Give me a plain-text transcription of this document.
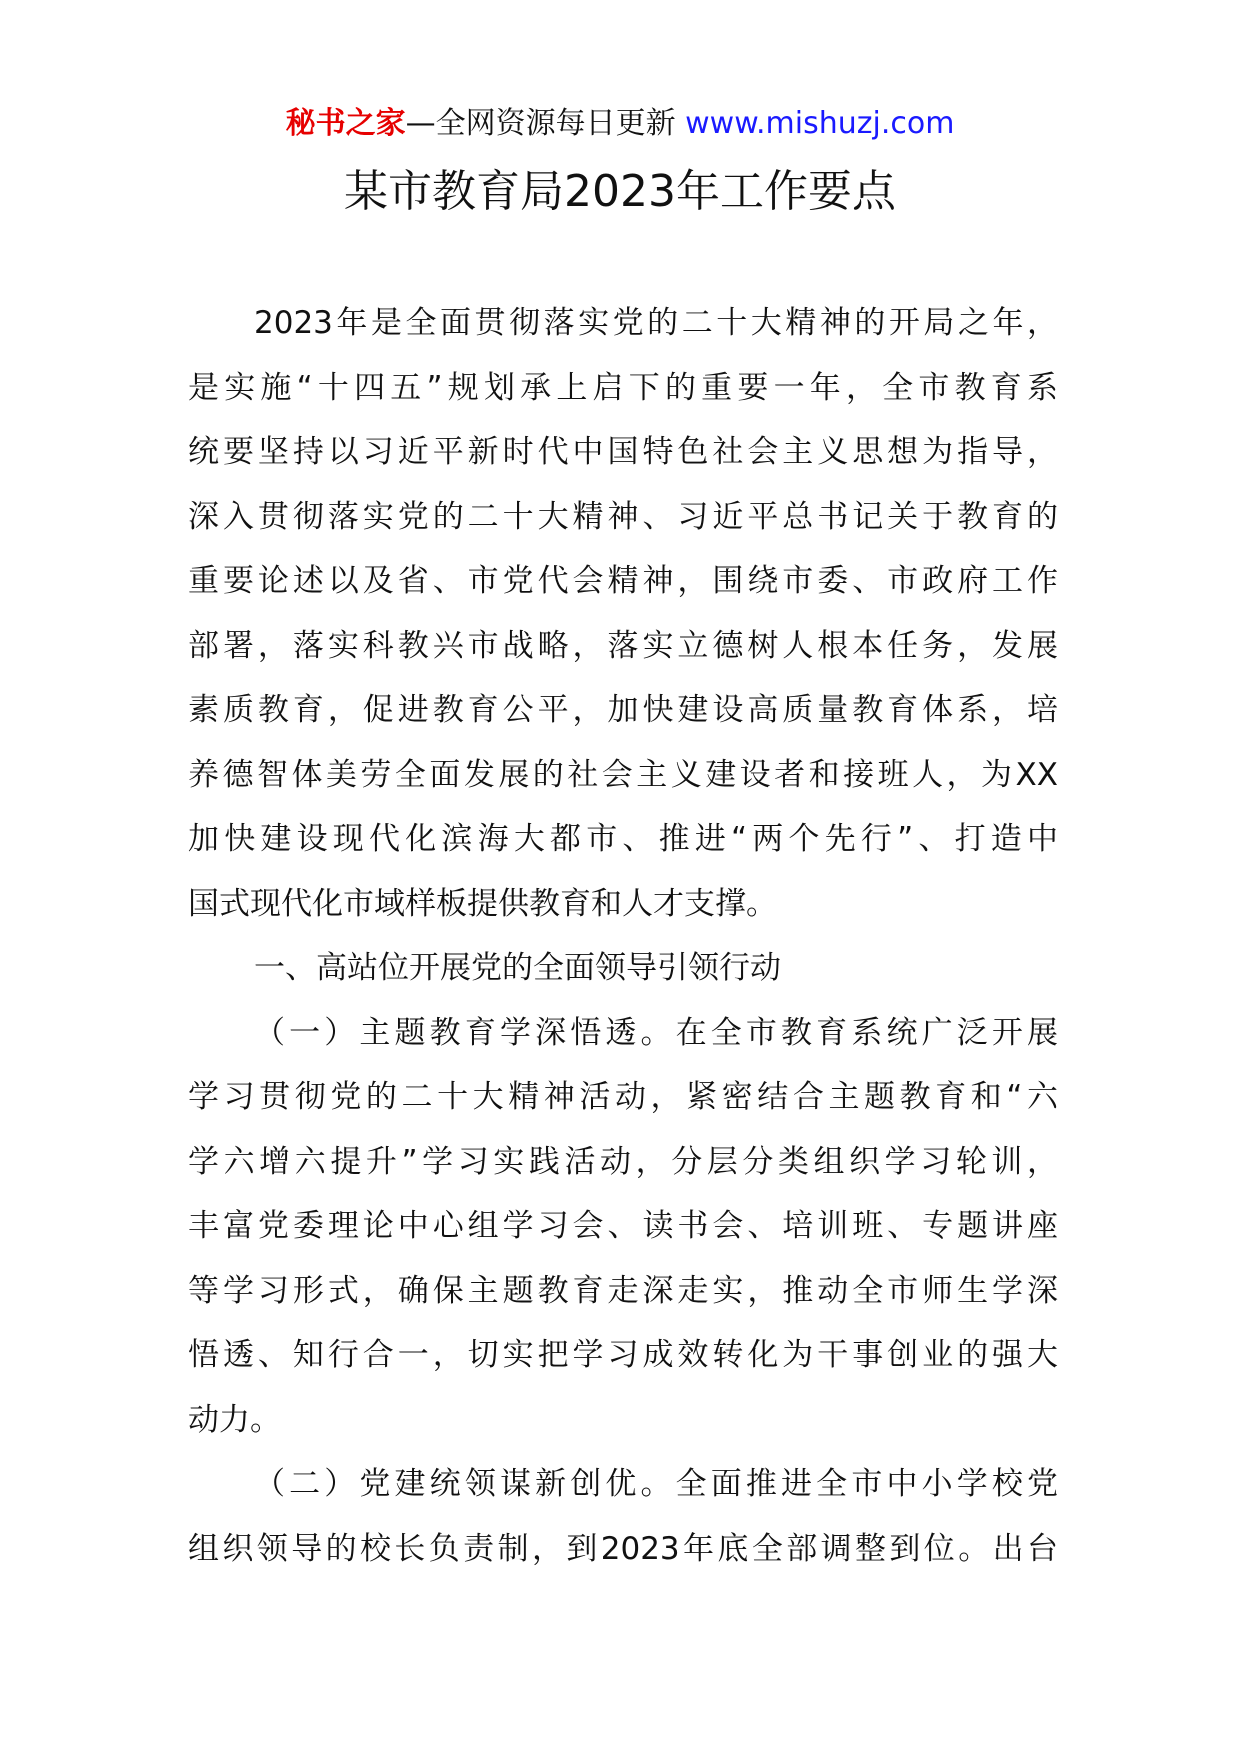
秘书之家—全网资源每日更新 www.mishuzj.com
某市教育局2023年工作要点

2023年是全面贯彻落实党的二十大精神的开局之年，

是实施“十四五”规划承上启下的重要一年，全市教育系

统要坚持以习近平新时代中国特色社会主义思想为指导，

深入贯彻落实党的二十大精神、习近平总书记关于教育的

重要论述以及省、市党代会精神，围绕市委、市政府工作

部署，落实科教兴市战略，落实立德树人根本任务，发展

素质教育，促进教育公平，加快建设高质量教育体系，培

养德智体美劳全面发展的社会主义建设者和接班人，为XX

加快建设现代化滨海大都市、推进“两个先行”、打造中

国式现代化市域样板提供教育和人才支撑。

一、高站位开展党的全面领导引领行动

（一）主题教育学深悟透。在全市教育系统广泛开展

学习贯彻党的二十大精神活动，紧密结合主题教育和“六

学六增六提升”学习实践活动，分层分类组织学习轮训，

丰富党委理论中心组学习会、读书会、培训班、专题讲座

等学习形式，确保主题教育走深走实，推动全市师生学深

悟透、知行合一，切实把学习成效转化为干事创业的强大

动力。

（二）党建统领谋新创优。全面推进全市中小学校党

组织领导的校长负责制，到2023年底全部调整到位。出台
